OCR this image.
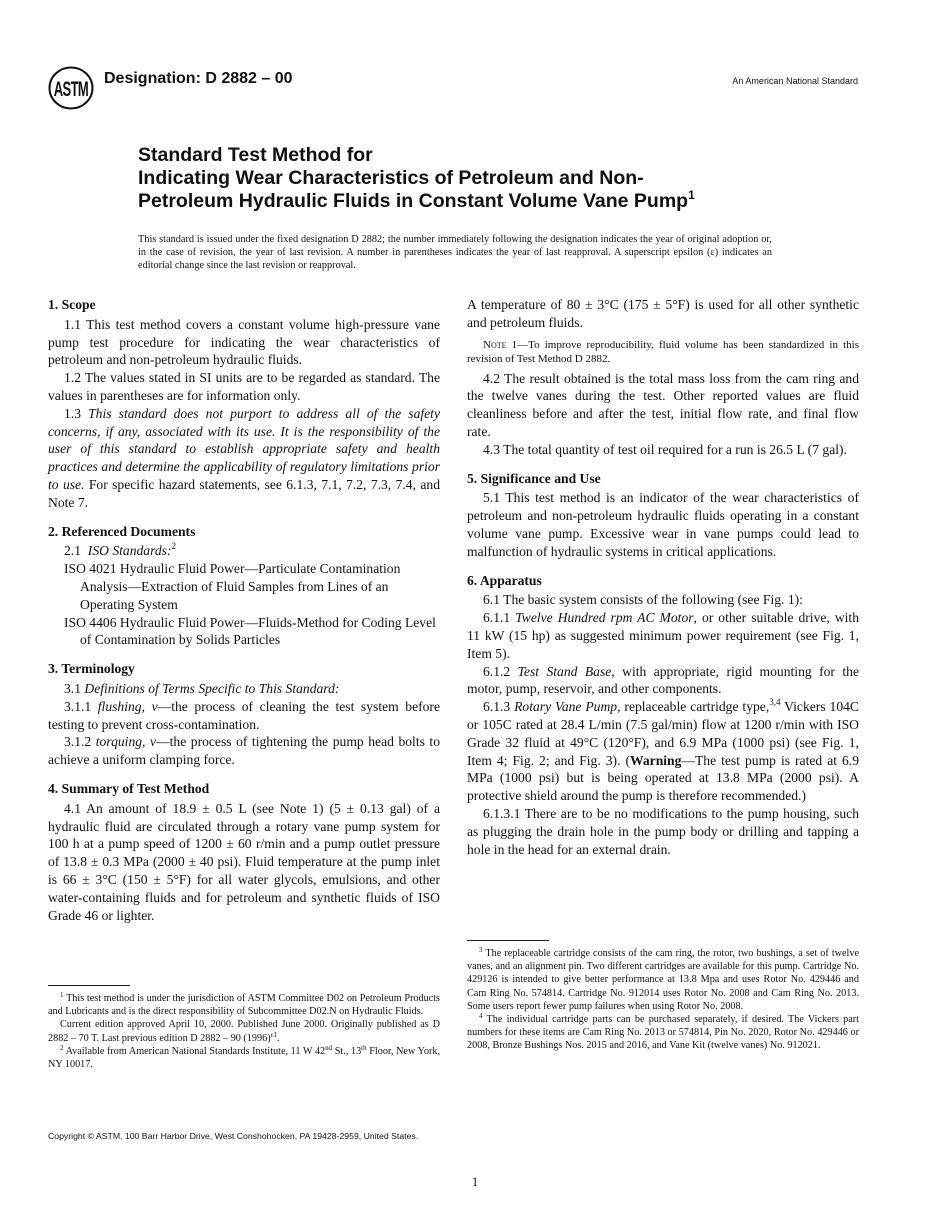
ASTM Designation: D 2882 – 00	An American National Standard
Standard Test Method for
Indicating Wear Characteristics of Petroleum and Non-
Petroleum Hydraulic Fluids in Constant Volume Vane Pump$^1$
This standard is issued under the fixed designation D 2882; the number immediately following the designation indicates the year of original adoption or, in the case of revision, the year of last revision. A number in parentheses indicates the year of last reapproval. A superscript epsilon (ε) indicates an editorial change since the last revision or reapproval.

1. Scope

1.1 This test method covers a constant volume high-pressure vane pump test procedure for indicating the wear characteristics of petroleum and non-petroleum hydraulic fluids.

1.2 The values stated in SI units are to be regarded as standard. The values in parentheses are for information only.

1.3 This standard does not purport to address all of the safety concerns, if any, associated with its use. It is the responsibility of the user of this standard to establish appropriate safety and health practices and determine the applicability of regulatory limitations prior to use. For specific hazard statements, see 6.1.3, 7.1, 7.2, 7.3, 7.4, and Note 7.

2. Referenced Documents

2.1 ISO Standards:$^2$

ISO 4021 Hydraulic Fluid Power—Particulate Contamination Analysis—Extraction of Fluid Samples from Lines of an Operating System

ISO 4406 Hydraulic Fluid Power—Fluids-Method for Coding Level of Contamination by Solids Particles

3. Terminology

3.1 Definitions of Terms Specific to This Standard:

3.1.1 flushing, v—the process of cleaning the test system before testing to prevent cross-contamination.

3.1.2 torquing, v—the process of tightening the pump head bolts to achieve a uniform clamping force.

4. Summary of Test Method

4.1 An amount of 18.9 ± 0.5 L (see Note 1) (5 ± 0.13 gal) of a hydraulic fluid are circulated through a rotary vane pump system for 100 h at a pump speed of 1200 ± 60 r/min and a pump outlet pressure of 13.8 ± 0.3 MPa (2000 ± 40 psi). Fluid temperature at the pump inlet is 66 ± 3°C (150 ± 5°F) for all water glycols, emulsions, and other water-containing fluids and for petroleum and synthetic fluids of ISO Grade 46 or lighter.

$^1$ This test method is under the jurisdiction of ASTM Committee D02 on Petroleum Products and Lubricants and is the direct responsibility of Subcommittee D02.N on Hydraulic Fluids.

Current edition approved April 10, 2000. Published June 2000. Originally published as D 2882 – 70 T. Last previous edition D 2882 – 90 $(1996)^{\varepsilon 1}$.

$^2$ Available from American National Standards Institute, 11 W 42nd St., 13th Floor, New York, NY 10017.

A temperature of 80 ± 3°C (175 ± 5°F) is used for all other synthetic and petroleum fluids.

Note 1—To improve reproducibility, fluid volume has been standardized in this revision of Test Method D 2882.

4.2 The result obtained is the total mass loss from the cam ring and the twelve vanes during the test. Other reported values are fluid cleanliness before and after the test, initial flow rate, and final flow rate.

4.3 The total quantity of test oil required for a run is 26.5 L (7 gal).

5. Significance and Use

5.1 This test method is an indicator of the wear characteristics of petroleum and non-petroleum hydraulic fluids operating in a constant volume vane pump. Excessive wear in vane pumps could lead to malfunction of hydraulic systems in critical applications.

6. Apparatus

6.1 The basic system consists of the following (see Fig. 1):

6.1.1 Twelve Hundred rpm AC Motor, or other suitable drive, with 11 kW (15 hp) as suggested minimum power requirement (see Fig. 1, Item 5).

6.1.2 Test Stand Base, with appropriate, rigid mounting for the motor, pump, reservoir, and other components.

6.1.3 Rotary Vane Pump, replaceable cartridge type,$^{3,4}$ Vickers 104C or 105C rated at 28.4 L/min (7.5 gal/min) flow at 1200 r/min with ISO Grade 32 fluid at 49°C (120°F), and 6.9 MPa (1000 psi) (see Fig. 1, Item 4; Fig. 2; and Fig. 3). (Warning—The test pump is rated at 6.9 MPa (1000 psi) but is being operated at 13.8 MPa (2000 psi). A protective shield around the pump is therefore recommended.)

6.1.3.1 There are to be no modifications to the pump housing, such as plugging the drain hole in the pump body or drilling and tapping a hole in the head for an external drain.

$^3$ The replaceable cartridge consists of the cam ring, the rotor, two bushings, a set of twelve vanes, and an alignment pin. Two different cartridges are available for this pump. Cartridge No. 429126 is intended to give better performance at 13.8 Mpa and uses Rotor No. 429446 and Cam Ring No. 574814. Cartridge No. 912014 uses Rotor No. 2008 and Cam Ring No. 2013. Some users report fewer pump failures when using Rotor No. 2008.

$^4$ The individual cartridge parts can be purchased separately, if desired. The Vickers part numbers for these items are Cam Ring No. 2013 or 574814, Pin No. 2020, Rotor No. 429446 or 2008, Bronze Bushings Nos. 2015 and 2016, and Vane Kit (twelve vanes) No. 912021.

Copyright © ASTM, 100 Barr Harbor Drive, West Conshohocken, PA 19428-2959, United States.
1
